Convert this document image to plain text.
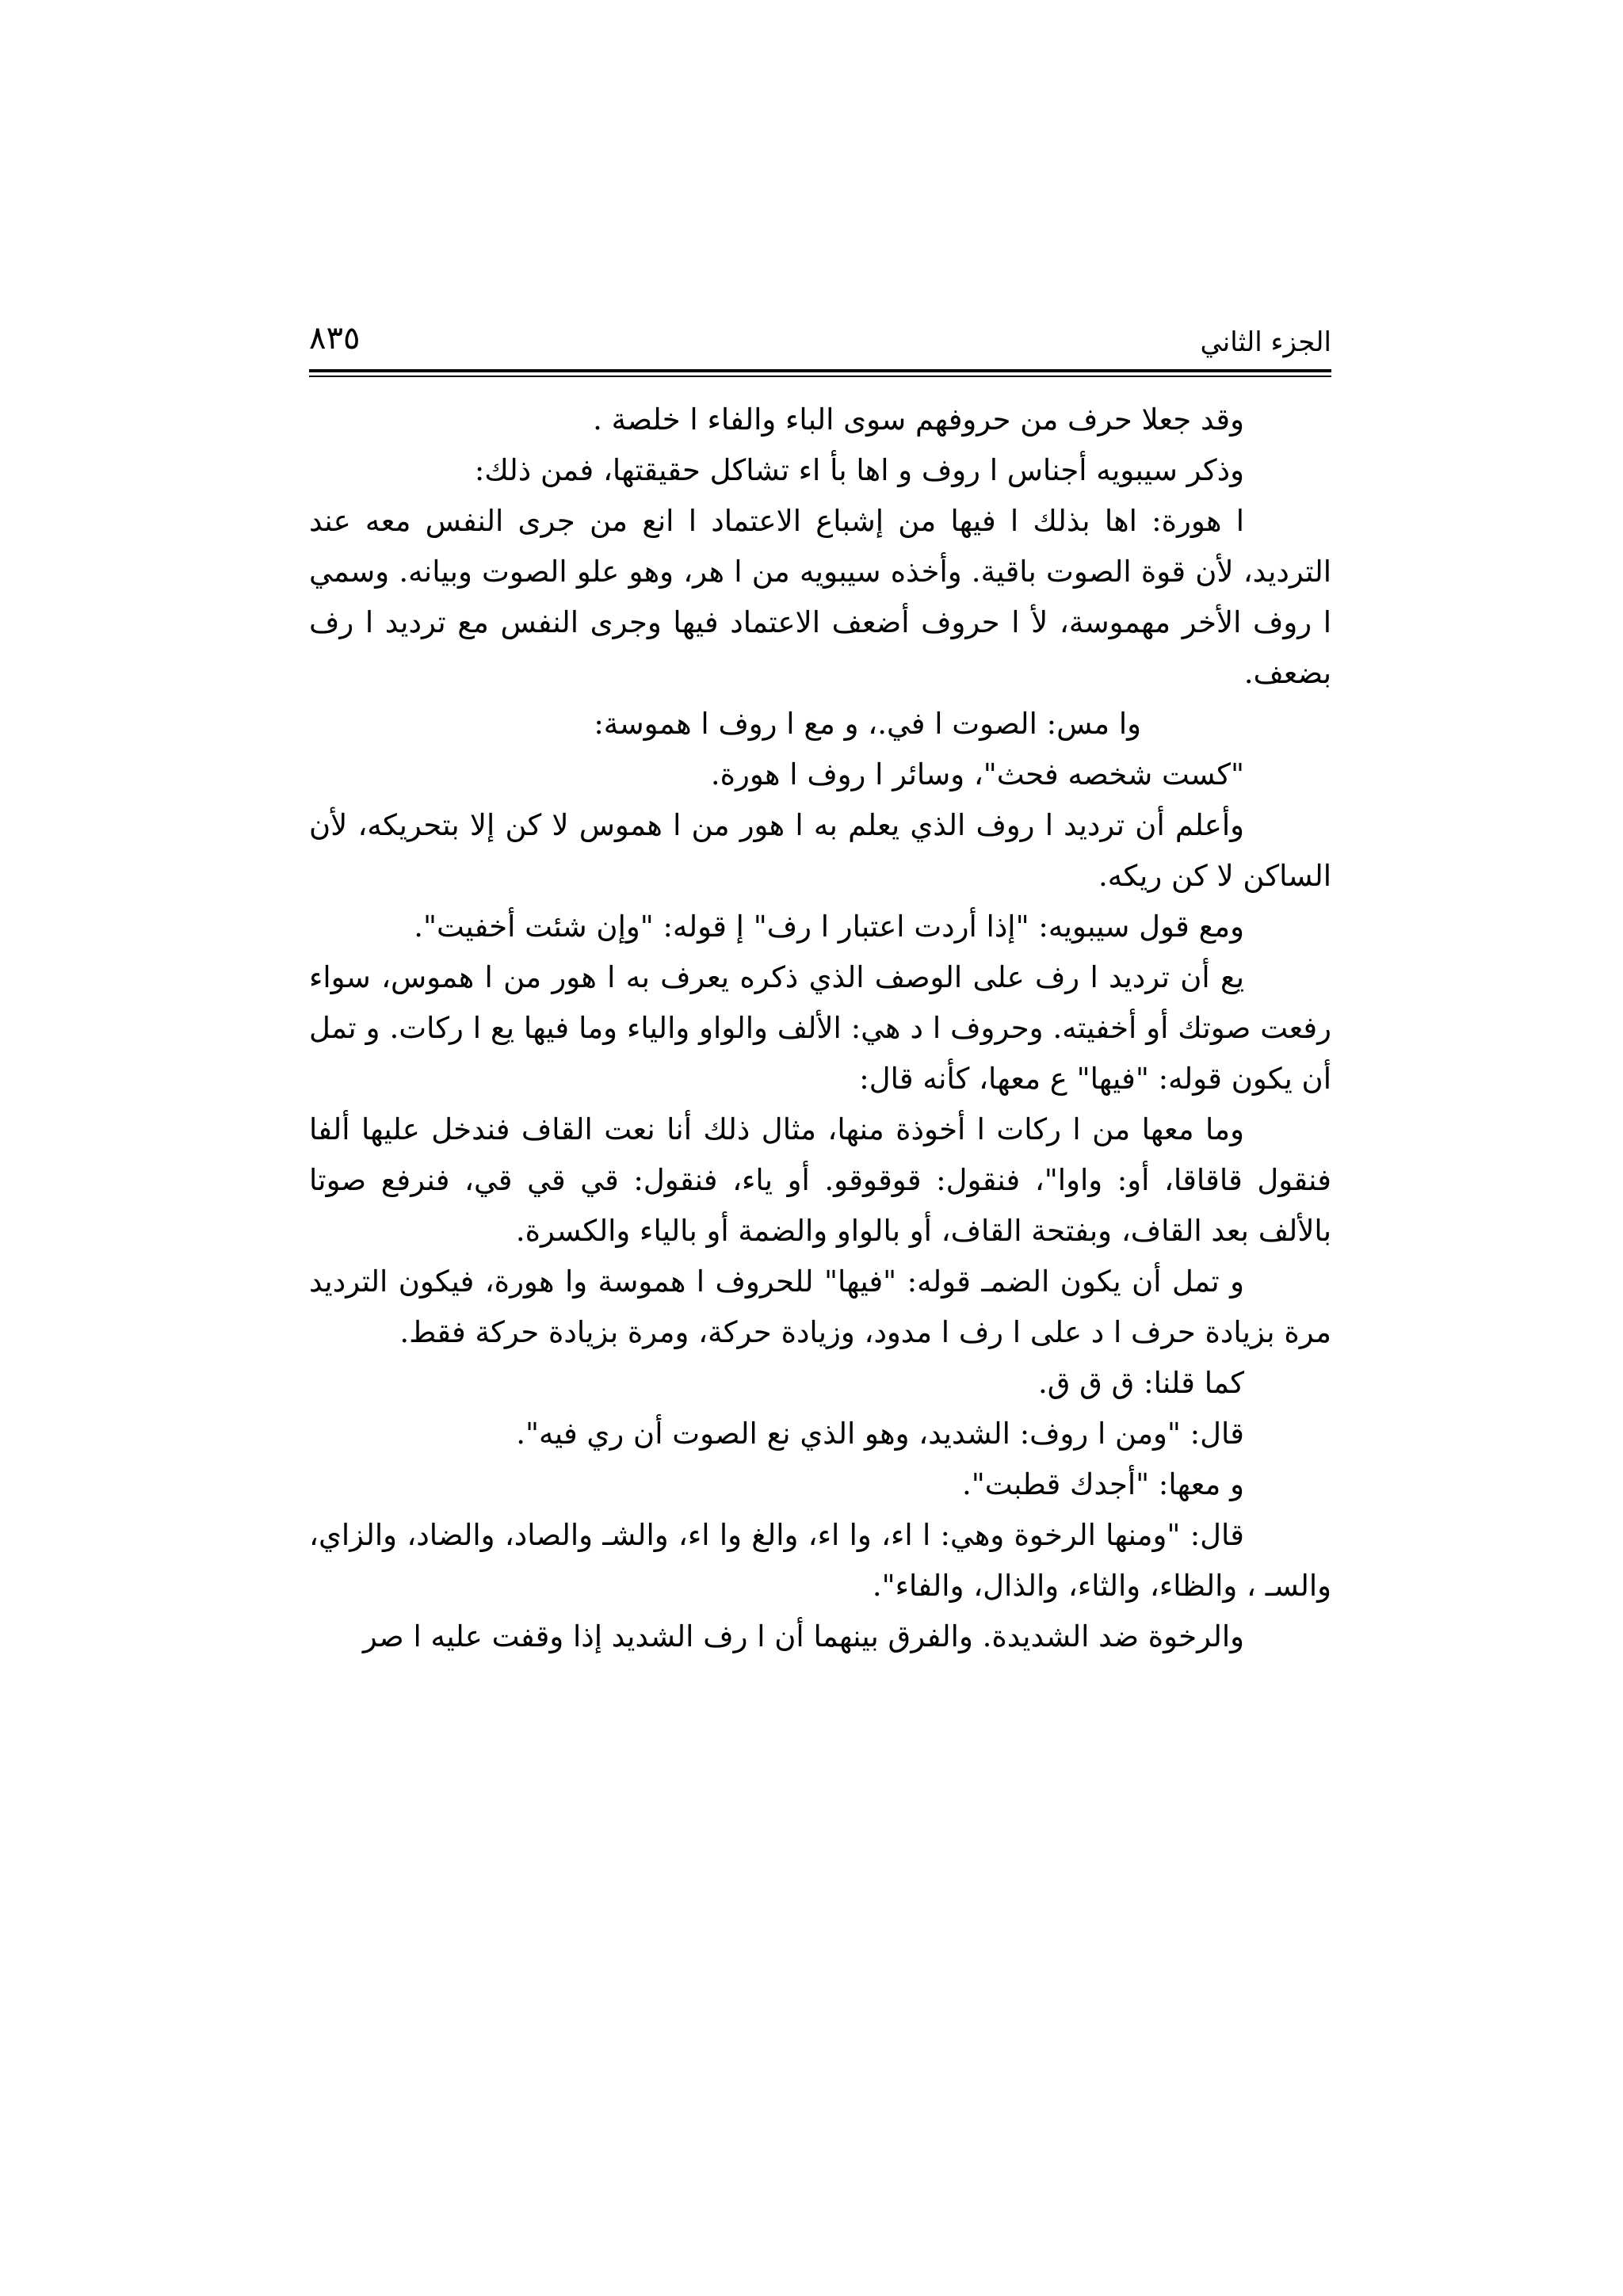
الجزء الثاني
٨٣٥

وقد جعلا حرف من حروفهم سوى الباء والفاء ا خلصة .

وذكر سيبويه أجناس ا روف و اها بأ اء تشاكل حقيقتها، فمن ذلك:

ا هورة: اها بذلك ا فيها من إشباع الاعتماد ا انع من جرى النفس معه عند الترديد، لأن قوة الصوت باقية. وأخذه سيبويه من ا هر، وهو علو الصوت وبيانه. وسمي ا روف الأخر مهموسة، لأ ا حروف أضعف الاعتماد فيها وجرى النفس مع ترديد ا رف بضعف.

وا مس: الصوت ا في.، و مع ا روف ا هموسة:

"كست شخصه فحث"، وسائر ا روف ا هورة.

وأعلم أن ترديد ا روف الذي يعلم به ا هور من ا هموس لا كن إلا بتحريكه، لأن الساكن لا كن ريكه.

ومع قول سيبويه: "إذا أردت اعتبار ا رف" إ قوله: "وإن شئت أخفيت".

يع أن ترديد ا رف على الوصف الذي ذكره يعرف به ا هور من ا هموس، سواء رفعت صوتك أو أخفيته. وحروف ا د هي: الألف والواو والياء وما فيها يع ا ركات. و تمل أن يكون قوله: "فيها" ع معها، كأنه قال:

وما معها من ا ركات ا أخوذة منها، مثال ذلك أنا نعت القاف فندخل عليها ألفا فنقول قاقاقا، أو: واوا"، فنقول: قوقوقو. أو ياء، فنقول: قي قي قي، فنرفع صوتا بالألف بعد القاف، وبفتحة القاف، أو بالواو والضمة أو بالياء والكسرة.

و تمل أن يكون الضمـ قوله: "فيها" للحروف ا هموسة وا هورة، فيكون الترديد مرة بزيادة حرف ا د على ا رف ا مدود، وزيادة حركة، ومرة بزيادة حركة فقط.

كما قلنا: ق ق ق.

قال: "ومن ا روف: الشديد، وهو الذي نع الصوت أن ري فيه".

و معها: "أجدك قطبت".

قال: "ومنها الرخوة وهي: ا اء، وا اء، والغ وا اء، والشـ والصاد، والضاد، والزاي، والسـ ، والظاء، والثاء، والذال، والفاء".

والرخوة ضد الشديدة. والفرق بينهما أن ا رف الشديد إذا وقفت عليه ا صر
